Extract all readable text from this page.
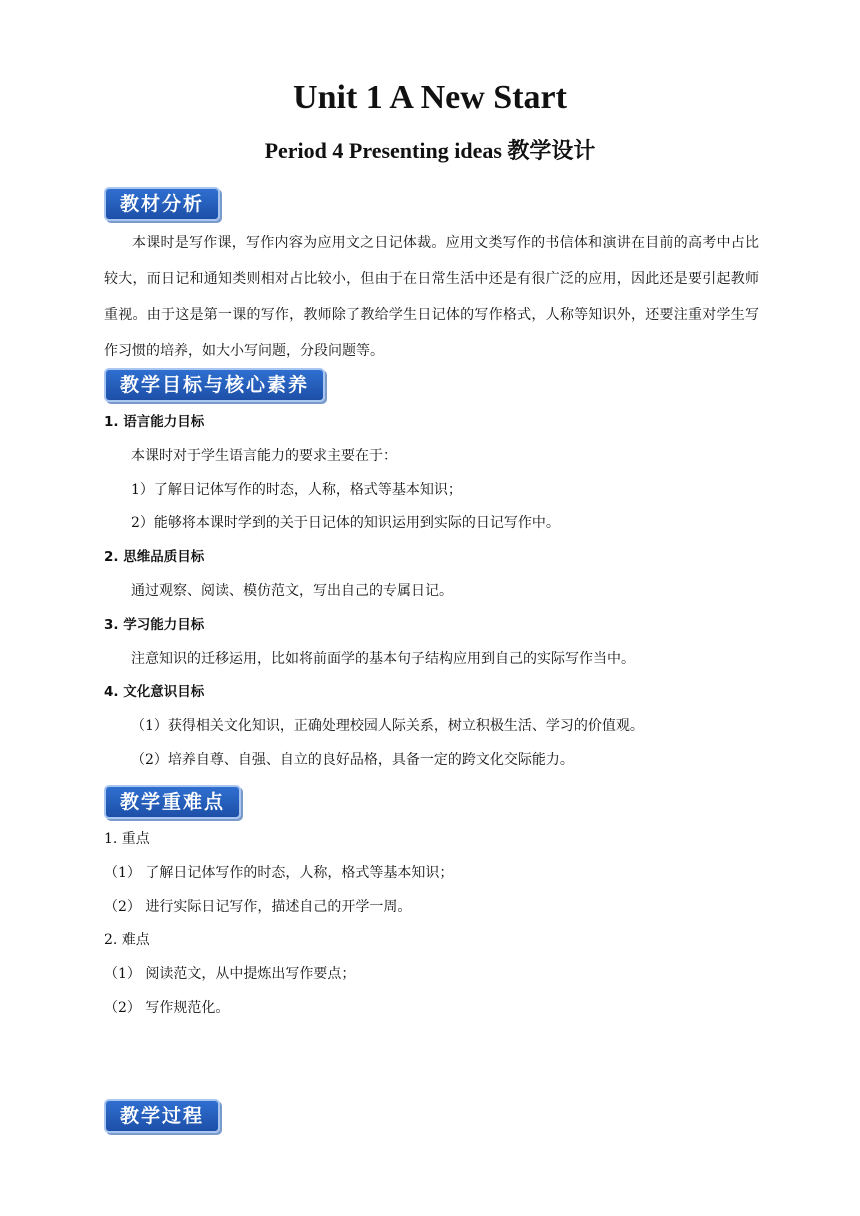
Unit 1 A New Start
Period 4 Presenting ideas 教学设计
教材分析
本课时是写作课，写作内容为应用文之日记体裁。应用文类写作的书信体和演讲在目前的高考中占比较大，而日记和通知类则相对占比较小，但由于在日常生活中还是有很广泛的应用，因此还是要引起教师重视。由于这是第一课的写作，教师除了教给学生日记体的写作格式，人称等知识外，还要注重对学生写作习惯的培养，如大小写问题，分段问题等。
教学目标与核心素养
1. 语言能力目标
本课时对于学生语言能力的要求主要在于：
1）了解日记体写作的时态，人称，格式等基本知识；
2）能够将本课时学到的关于日记体的知识运用到实际的日记写作中。
2. 思维品质目标
通过观察、阅读、模仿范文，写出自己的专属日记。
3. 学习能力目标
注意知识的迁移运用，比如将前面学的基本句子结构应用到自己的实际写作当中。
4. 文化意识目标
（1）获得相关文化知识，正确处理校园人际关系，树立积极生活、学习的价值观。
（2）培养自尊、自强、自立的良好品格，具备一定的跨文化交际能力。
教学重难点
1. 重点
（1） 了解日记体写作的时态，人称，格式等基本知识；
（2） 进行实际日记写作，描述自己的开学一周。
2. 难点
（1） 阅读范文，从中提炼出写作要点；
（2） 写作规范化。
教学过程
